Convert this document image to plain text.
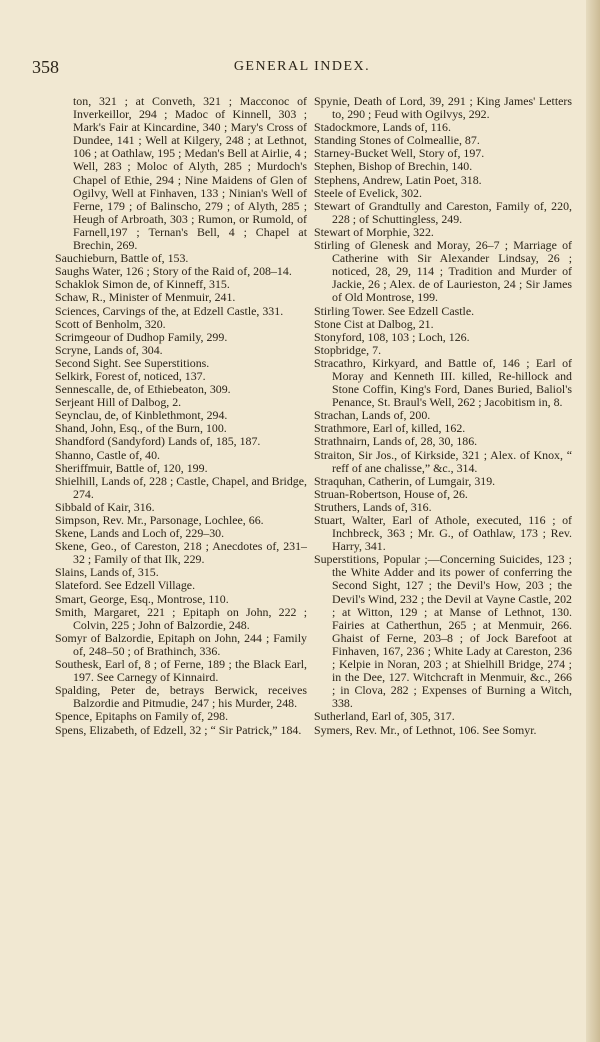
358	GENERAL INDEX.

ton, 321 ; at Conveth, 321 ; Macconoc of Inverkeillor, 294 ; Madoc of Kinnell, 303 ; Mark's Fair at Kincardine, 340 ; Mary's Cross of Dundee, 141 ; Well at Kilgery, 248 ; at Lethnot, 106 ; at Oathlaw, 195 ; Medan's Bell at Airlie, 4 ; Well, 283 ; Moloc of Alyth, 285 ; Murdoch's Chapel of Ethie, 294 ; Nine Maidens of Glen of Ogilvy, Well at Finhaven, 133 ; Ninian's Well of Ferne, 179 ; of Balinscho, 279 ; of Alyth, 285 ; Heugh of Arbroath, 303 ; Rumon, or Rumold, of Farnell,197 ; Ternan's Bell, 4 ; Chapel at Brechin, 269.

Sauchieburn, Battle of, 153.

Saughs Water, 126 ; Story of the Raid of, 208–14.

Schaklok Simon de, of Kinneff, 315.

Schaw, R., Minister of Menmuir, 241.

Sciences, Carvings of the, at Edzell Castle, 331.

Scott of Benholm, 320.

Scrimgeour of Dudhop Family, 299.

Scryne, Lands of, 304.

Second Sight. See Superstitions.

Selkirk, Forest of, noticed, 137.

Sennescalle, de, of Ethiebeaton, 309.

Serjeant Hill of Dalbog, 2.

Seynclau, de, of Kinblethmont, 294.

Shand, John, Esq., of the Burn, 100.

Shandford (Sandyford) Lands of, 185, 187.

Shanno, Castle of, 40.

Sheriffmuir, Battle of, 120, 199.

Shielhill, Lands of, 228 ; Castle, Chapel, and Bridge, 274.

Sibbald of Kair, 316.

Simpson, Rev. Mr., Parsonage, Lochlee, 66.

Skene, Lands and Loch of, 229–30.

Skene, Geo., of Careston, 218 ; Anecdotes of, 231–32 ; Family of that Ilk, 229.

Slains, Lands of, 315.

Slateford. See Edzell Village.

Smart, George, Esq., Montrose, 110.

Smith, Margaret, 221 ; Epitaph on John, 222 ; Colvin, 225 ; John of Balzordie, 248.

Somyr of Balzordie, Epitaph on John, 244 ; Family of, 248–50 ; of Brathinch, 336.

Southesk, Earl of, 8 ; of Ferne, 189 ; the Black Earl, 197. See Carnegy of Kinnaird.

Spalding, Peter de, betrays Berwick, receives Balzordie and Pitmudie, 247 ; his Murder, 248.

Spence, Epitaphs on Family of, 298.

Spens, Elizabeth, of Edzell, 32 ; “ Sir Patrick,” 184.

Spynie, Death of Lord, 39, 291 ; King James' Letters to, 290 ; Feud with Ogilvys, 292.

Stadockmore, Lands of, 116.

Standing Stones of Colmeallie, 87.

Starney-Bucket Well, Story of, 197.

Stephen, Bishop of Brechin, 140.

Stephens, Andrew, Latin Poet, 318.

Steele of Evelick, 302.

Stewart of Grandtully and Careston, Family of, 220, 228 ; of Schuttingless, 249.

Stewart of Morphie, 322.

Stirling of Glenesk and Moray, 26–7 ; Marriage of Catherine with Sir Alexander Lindsay, 26 ; noticed, 28, 29, 114 ; Tradition and Murder of Jackie, 26 ; Alex. de of Laurieston, 24 ; Sir James of Old Montrose, 199.

Stirling Tower. See Edzell Castle.

Stone Cist at Dalbog, 21.

Stonyford, 108, 103 ; Loch, 126.

Stopbridge, 7.

Stracathro, Kirkyard, and Battle of, 146 ; Earl of Moray and Kenneth III. killed, Re-hillock and Stone Coffin, King's Ford, Danes Buried, Baliol's Penance, St. Braul's Well, 262 ; Jacobitism in, 8.

Strachan, Lands of, 200.

Strathmore, Earl of, killed, 162.

Strathnairn, Lands of, 28, 30, 186.

Straiton, Sir Jos., of Kirkside, 321 ; Alex. of Knox, “ reff of ane chalisse,” &c., 314.

Straquhan, Catherin, of Lumgair, 319.

Struan-Robertson, House of, 26.

Struthers, Lands of, 316.

Stuart, Walter, Earl of Athole, executed, 116 ; of Inchbreck, 363 ; Mr. G., of Oathlaw, 173 ; Rev. Harry, 341.

Superstitions, Popular ;—Concerning Suicides, 123 ; the White Adder and its power of conferring the Second Sight, 127 ; the Devil's How, 203 ; the Devil's Wind, 232 ; the Devil at Vayne Castle, 202 ; at Witton, 129 ; at Manse of Lethnot, 130. Fairies at Catherthun, 265 ; at Menmuir, 266. Ghaist of Ferne, 203–8 ; of Jock Barefoot at Finhaven, 167, 236 ; White Lady at Careston, 236 ; Kelpie in Noran, 203 ; at Shielhill Bridge, 274 ; in the Dee, 127. Witchcraft in Menmuir, &c., 266 ; in Clova, 282 ; Expenses of Burning a Witch, 338.

Sutherland, Earl of, 305, 317.

Symers, Rev. Mr., of Lethnot, 106. See Somyr.
